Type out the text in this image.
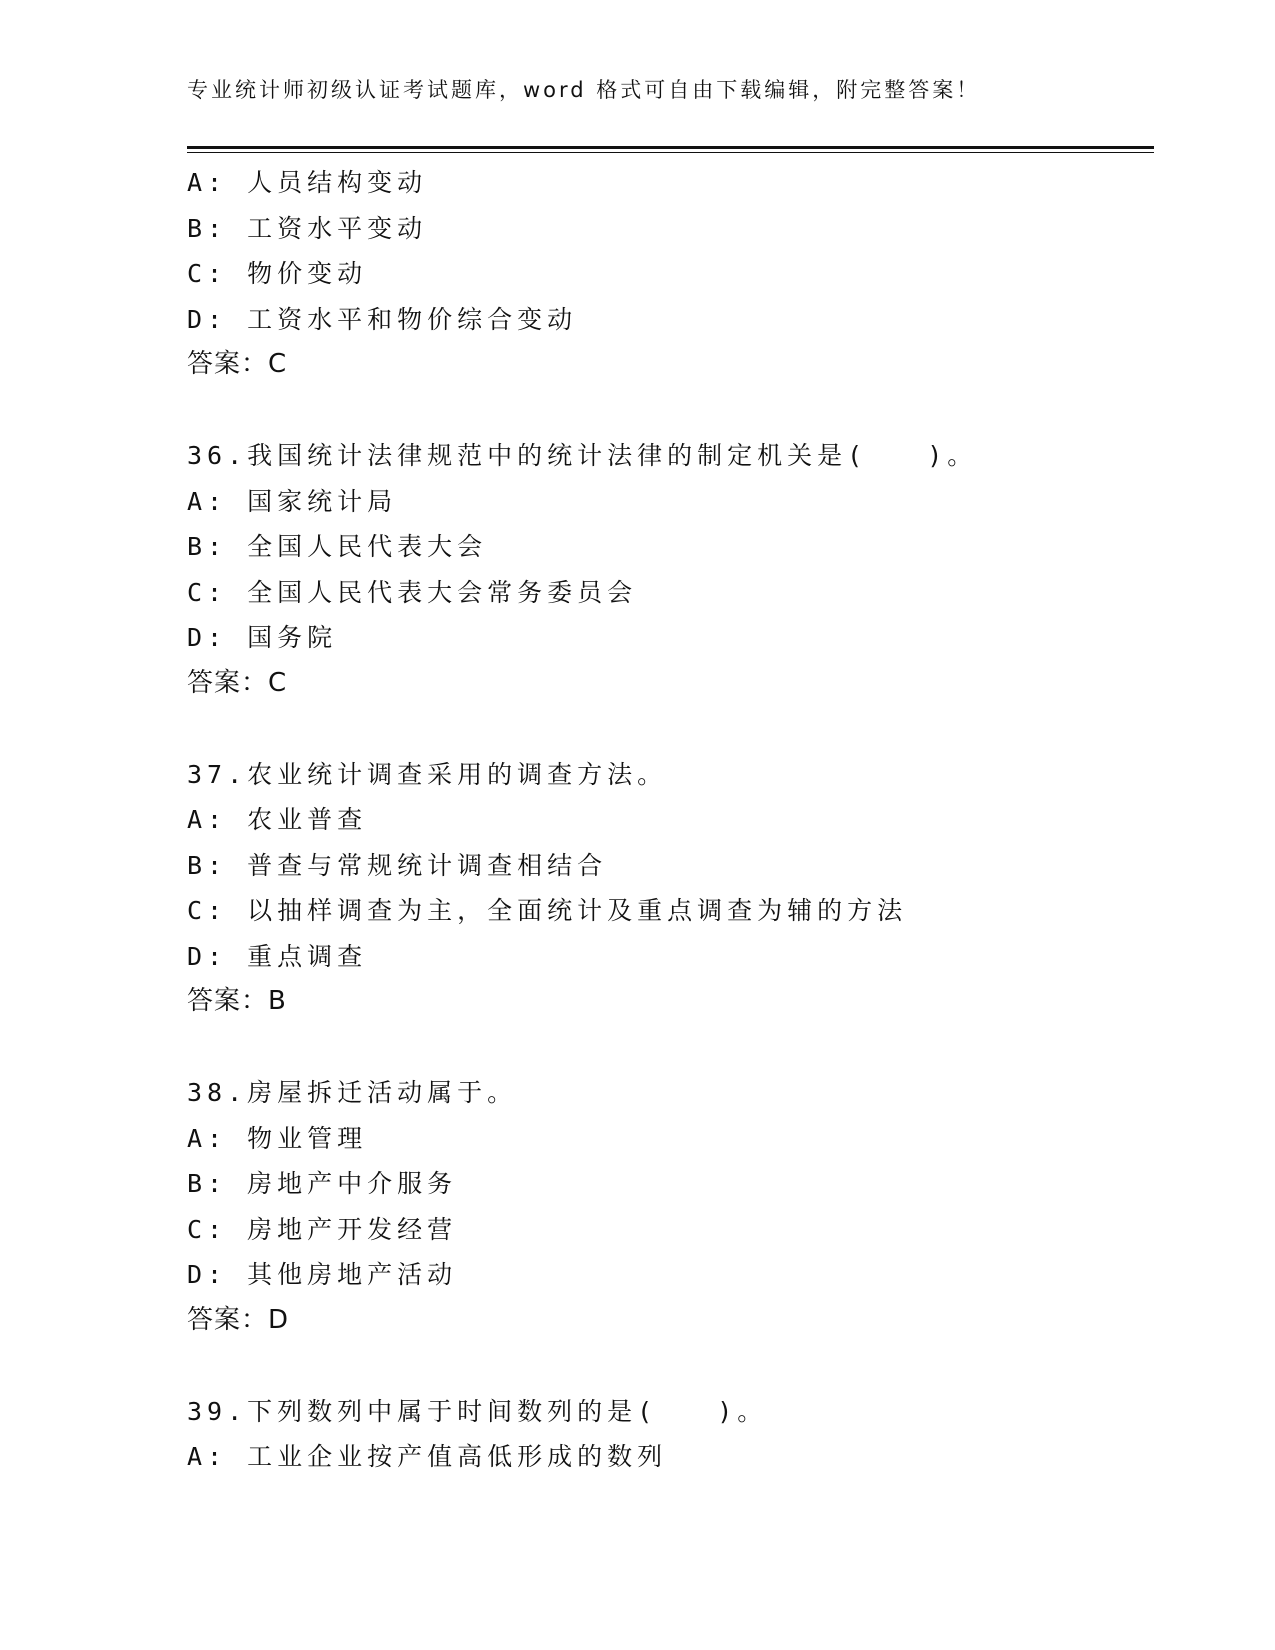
专业统计师初级认证考试题库，word 格式可自由下载编辑，附完整答案！
A: 人员结构变动
B: 工资水平变动
C: 物价变动
D: 工资水平和物价综合变动
答案：C
36.我国统计法律规范中的统计法律的制定机关是(　　)。
A: 国家统计局
B: 全国人民代表大会
C: 全国人民代表大会常务委员会
D: 国务院
答案：C
37.农业统计调查采用的调查方法。
A: 农业普查
B: 普查与常规统计调查相结合
C: 以抽样调查为主，全面统计及重点调查为辅的方法
D: 重点调查
答案：B
38.房屋拆迁活动属于。
A: 物业管理
B: 房地产中介服务
C: 房地产开发经营
D: 其他房地产活动
答案：D
39.下列数列中属于时间数列的是(　　)。
A: 工业企业按产值高低形成的数列
